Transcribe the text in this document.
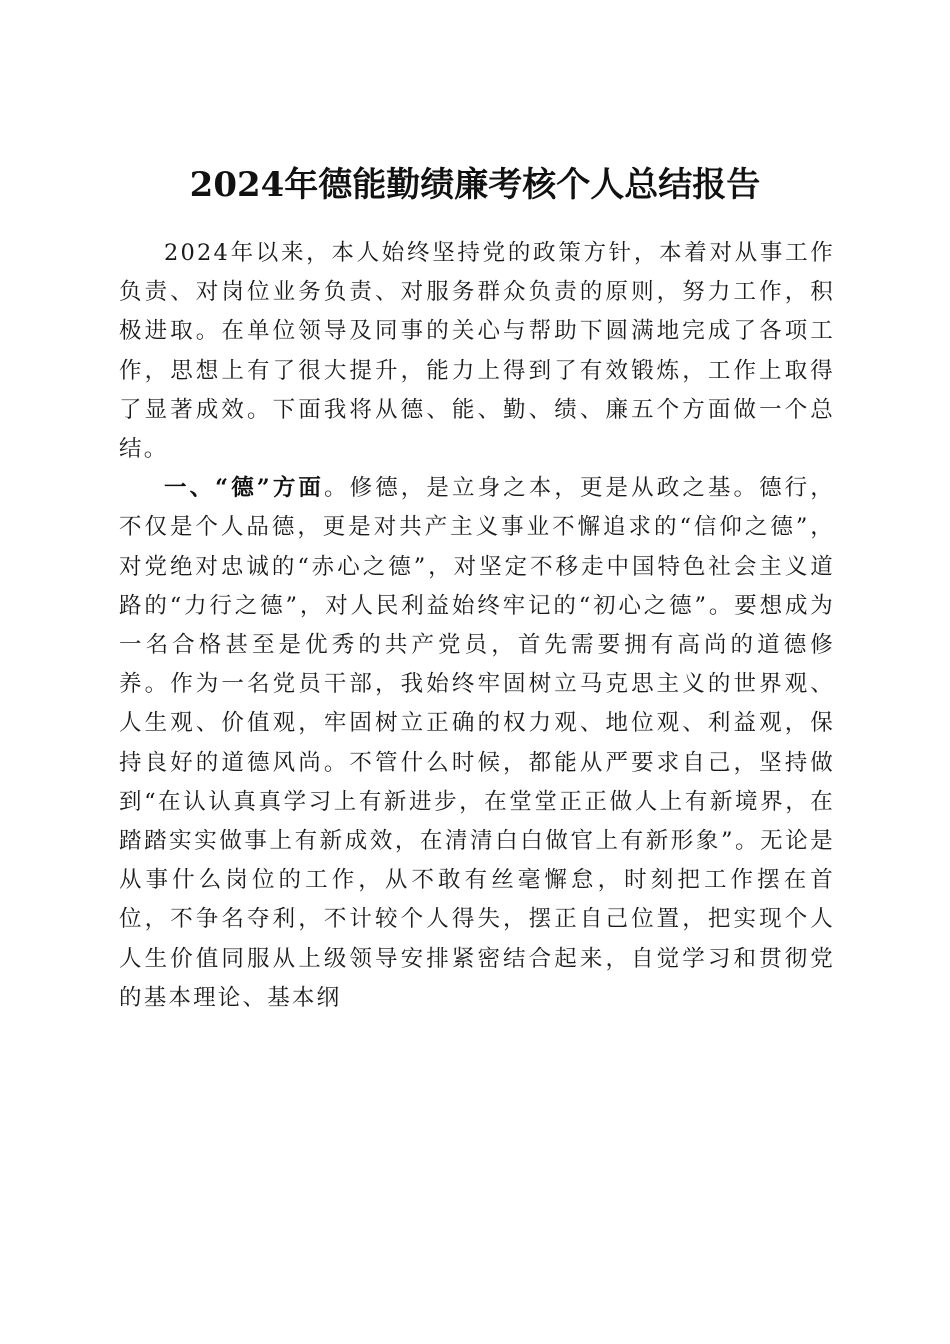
2024年德能勤绩廉考核个人总结报告

2024年以来，本人始终坚持党的政策方针，本着对从事工作负责、对岗位业务负责、对服务群众负责的原则，努力工作，积极进取。在单位领导及同事的关心与帮助下圆满地完成了各项工作，思想上有了很大提升，能力上得到了有效锻炼，工作上取得了显著成效。下面我将从德、能、勤、绩、廉五个方面做一个总结。

一、“德”方面。修德，是立身之本，更是从政之基。德行，不仅是个人品德，更是对共产主义事业不懈追求的“信仰之德”，对党绝对忠诚的“赤心之德”，对坚定不移走中国特色社会主义道路的“力行之德”，对人民利益始终牢记的“初心之德”。要想成为一名合格甚至是优秀的共产党员，首先需要拥有高尚的道德修养。作为一名党员干部，我始终牢固树立马克思主义的世界观、人生观、价值观，牢固树立正确的权力观、地位观、利益观，保持良好的道德风尚。不管什么时候，都能从严要求自己，坚持做到“在认认真真学习上有新进步，在堂堂正正做人上有新境界，在踏踏实实做事上有新成效，在清清白白做官上有新形象”。无论是从事什么岗位的工作，从不敢有丝毫懈怠，时刻把工作摆在首位，不争名夺利，不计较个人得失，摆正自己位置，把实现个人人生价值同服从上级领导安排紧密结合起来，自觉学习和贯彻党的基本理论、基本纲
